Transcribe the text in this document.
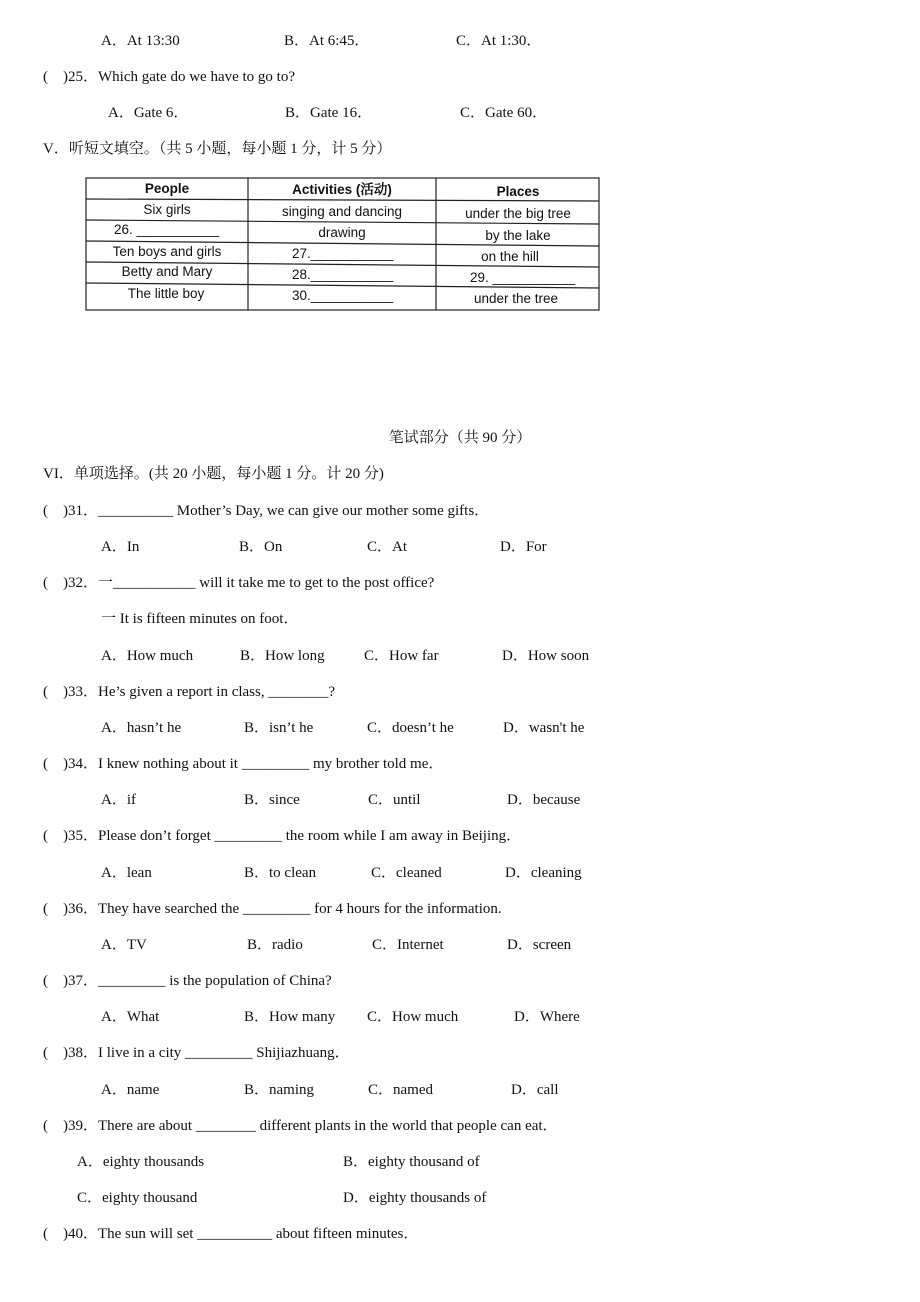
A．At 13:30	B．At 6:45．	C．At 1:30．
(    )25．Which gate do we have to go to?
A．Gate 6．	B．Gate 16．	C．Gate 60．
V．听短文填空。（共 5 小题，每小题 1 分，计 5 分）
People	Activities (活动)	Places
Six girls	singing and dancing	under the big tree
26. ___________	drawing	by the lake
Ten boys and girls	27.___________	on the hill
Betty and Mary	28.___________	29. ___________
The little boy	30.___________	under the tree
笔试部分（共 90 分）
VI．单项选择。(共 20 小题，每小题 1 分。计 20 分)
(    )31．__________ Mother’s Day, we can give our mother some gifts．
A．In	B．On	C．At	D．For
(    )32．一___________ will it take me to get to the post office?
一 It is fifteen minutes on foot．
A．How much	B．How long	C．How far	D．How soon
(    )33．He’s given a report in class, ________?
A．hasn’t he	B．isn’t he	C．doesn’t he	D．wasn't he
(    )34．I knew nothing about it _________ my brother told me．
A．if	B．since	C．until	D．because
(    )35．Please don’t forget _________ the room while I am away in Beijing．
A．lean	B．to clean	C．cleaned	D．cleaning
(    )36．They have searched the _________ for 4 hours for the information.
A．TV	B．radio	C．Internet	D．screen
(    )37．_________ is the population of China?
A．What	B．How many C．How much	D．Where
(    )38．I live in a city _________ Shijiazhuang．
A．name	B．naming	C．named	D．call
(    )39．There are about ________ different plants in the world that people can eat．
A．eighty thousands	B．eighty thousand of
C．eighty thousand	D．eighty thousands of
(    )40．The sun will set __________ about fifteen minutes．
